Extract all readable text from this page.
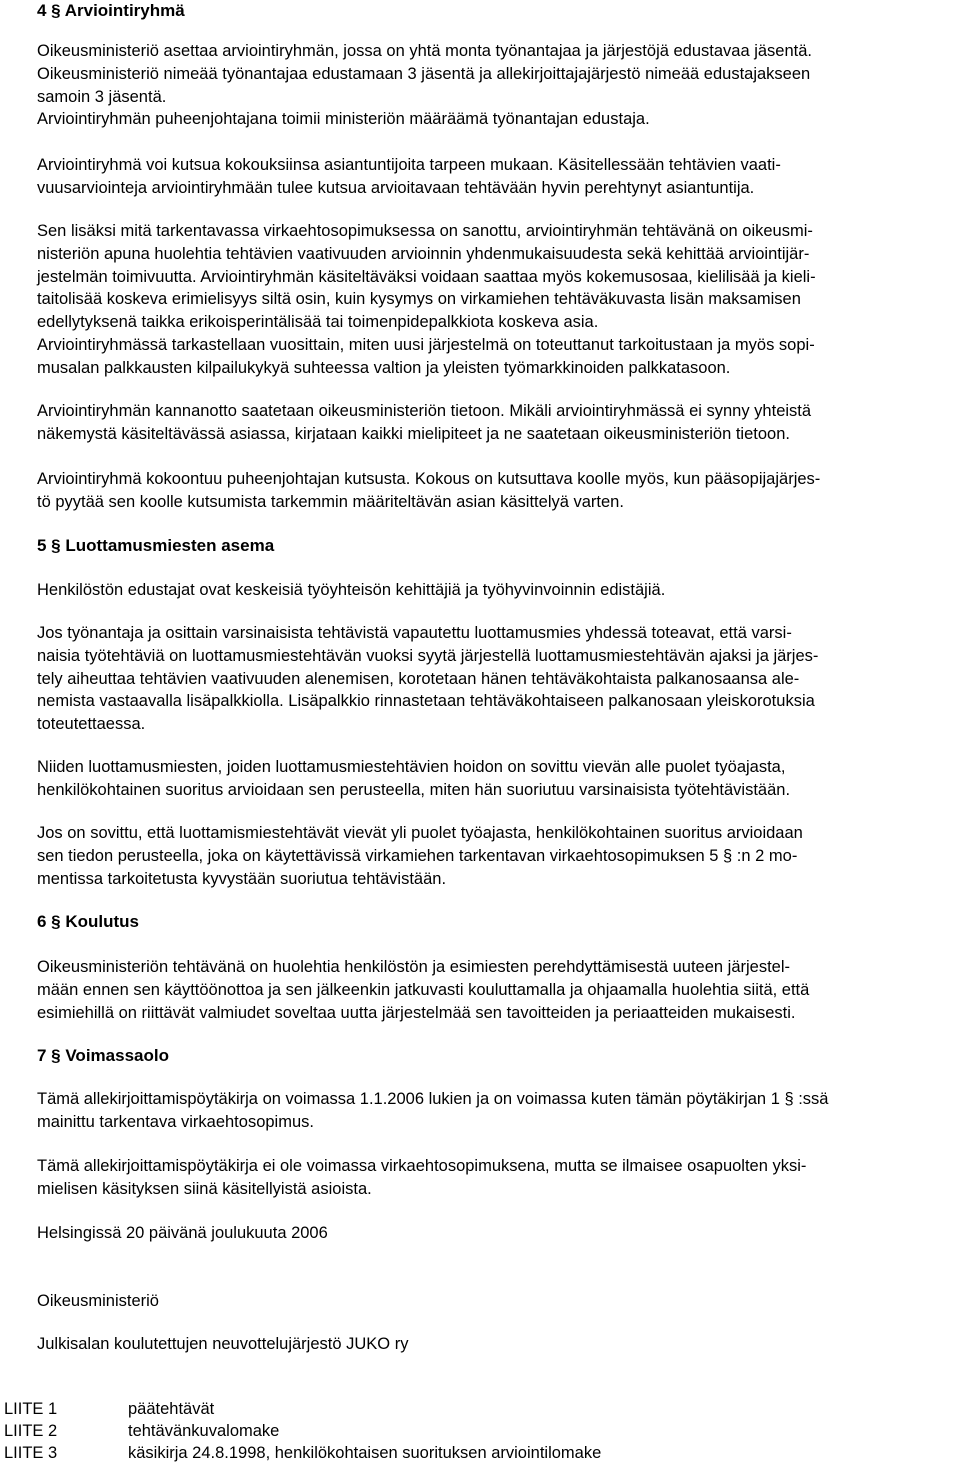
4 § Arviointiryhmä

Oikeusministeriö asettaa arviointiryhmän, jossa on yhtä monta työnantajaa ja järjestöjä edustavaa jäsentä.
Oikeusministeriö nimeää työnantajaa edustamaan 3 jäsentä ja allekirjoittajajärjestö nimeää edustajakseen
samoin 3 jäsentä.
Arviointiryhmän puheenjohtajana toimii ministeriön määräämä työnantajan edustaja.

Arviointiryhmä voi kutsua kokouksiinsa asiantuntijoita tarpeen mukaan. Käsitellessään tehtävien vaati-
vuusarviointeja arviointiryhmään tulee kutsua arvioitavaan tehtävään hyvin perehtynyt asiantuntija.

Sen lisäksi mitä tarkentavassa virkaehtosopimuksessa on sanottu, arviointiryhmän tehtävänä on oikeusmi-
nisteriön apuna huolehtia tehtävien vaativuuden arvioinnin yhdenmukaisuudesta sekä kehittää arviointijär-
jestelmän toimivuutta. Arviointiryhmän käsiteltäväksi voidaan saattaa myös kokemusosaa, kielilisää ja kieli-
taitolisää koskeva erimielisyys siltä osin, kuin kysymys on virkamiehen tehtäväkuvasta lisän maksamisen
edellytyksenä taikka erikoisperintälisää tai toimenpidepalkkiota koskeva asia.
Arviointiryhmässä tarkastellaan vuosittain, miten uusi järjestelmä on toteuttanut tarkoitustaan ja myös sopi-
musalan palkkausten kilpailukykyä suhteessa valtion ja yleisten työmarkkinoiden palkkatasoon.

Arviointiryhmän kannanotto saatetaan oikeusministeriön tietoon. Mikäli arviointiryhmässä ei synny yhteistä
näkemystä käsiteltävässä asiassa, kirjataan kaikki mielipiteet ja ne saatetaan oikeusministeriön tietoon.

Arviointiryhmä kokoontuu puheenjohtajan kutsusta. Kokous on kutsuttava koolle myös, kun pääsopijajärjes-
tö pyytää sen koolle kutsumista tarkemmin määriteltävän asian käsittelyä varten.

5 § Luottamusmiesten asema

Henkilöstön edustajat ovat keskeisiä työyhteisön kehittäjiä ja työhyvinvoinnin edistäjiä.

Jos työnantaja ja osittain varsinaisista tehtävistä vapautettu luottamusmies yhdessä toteavat, että varsi-
naisia työtehtäviä on luottamusmiestehtävän vuoksi syytä järjestellä luottamusmiestehtävän ajaksi ja järjes-
tely aiheuttaa tehtävien vaativuuden alenemisen, korotetaan hänen tehtäväkohtaista palkanosaansa ale-
nemista vastaavalla lisäpalkkiolla. Lisäpalkkio rinnastetaan tehtäväkohtaiseen palkanosaan yleiskorotuksia
toteutettaessa.

Niiden luottamusmiesten, joiden luottamusmiestehtävien hoidon on sovittu vievän alle puolet työajasta,
henkilökohtainen suoritus arvioidaan sen perusteella, miten hän suoriutuu varsinaisista työtehtävistään.

Jos on sovittu, että luottamismiestehtävät vievät yli puolet työajasta, henkilökohtainen suoritus arvioidaan
sen tiedon perusteella, joka on käytettävissä virkamiehen tarkentavan virkaehtosopimuksen 5 § :n 2 mo-
mentissa tarkoitetusta kyvystään suoriutua tehtävistään.

6 § Koulutus

Oikeusministeriön tehtävänä on huolehtia henkilöstön ja esimiesten perehdyttämisestä uuteen järjestel-
mään ennen sen käyttöönottoa ja sen jälkeenkin jatkuvasti kouluttamalla ja ohjaamalla huolehtia siitä, että
esimiehillä on riittävät valmiudet soveltaa uutta järjestelmää sen tavoitteiden ja periaatteiden mukaisesti.

7 § Voimassaolo

Tämä allekirjoittamispöytäkirja on voimassa 1.1.2006 lukien ja on voimassa kuten tämän pöytäkirjan 1 § :ssä
mainittu tarkentava virkaehtosopimus.

Tämä allekirjoittamispöytäkirja ei ole voimassa virkaehtosopimuksena, mutta se ilmaisee osapuolten yksi-
mielisen käsityksen siinä käsitellyistä asioista.

Helsingissä 20 päivänä joulukuuta 2006

Oikeusministeriö

Julkisalan koulutettujen neuvottelujärjestö JUKO ry

LIITE 1	päätehtävät
LIITE 2	tehtävänkuvalomake
LIITE 3	käsikirja 24.8.1998, henkilökohtaisen suorituksen arviointilomake
